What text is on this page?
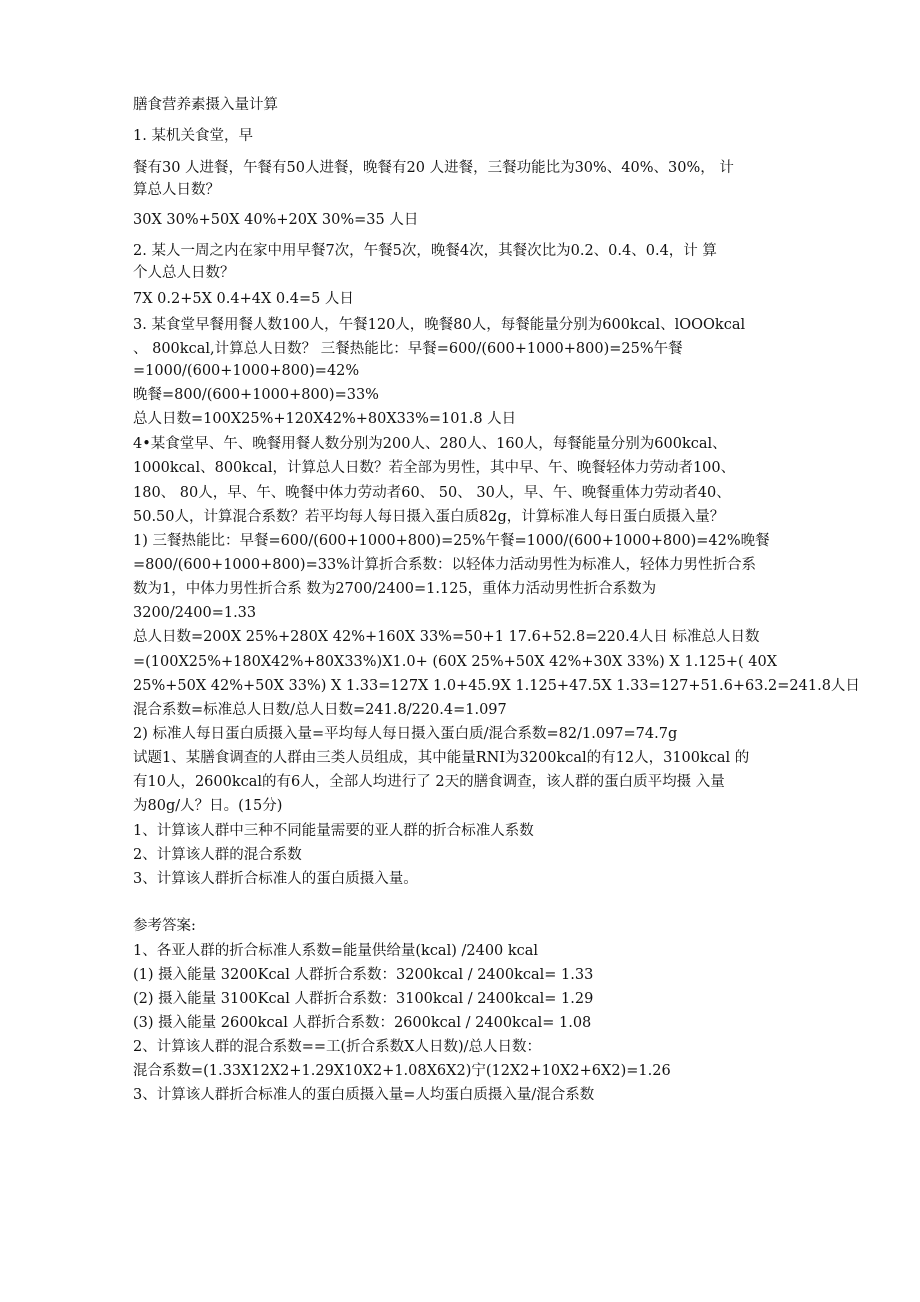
膳食营养素摄入量计算
1. 某机关食堂，早
餐有30 人进餐，午餐有50人进餐，晚餐有20 人进餐，三餐功能比为30%、40%、30%， 计
算总人日数？
30Ⅹ 30%+50Ⅹ 40%+20Ⅹ 30%=35 人日
2. 某人一周之内在家中用早餐7次，午餐5次，晚餐4次，其餐次比为0.2、0.4、0.4，计 算
个人总人日数？
7Ⅹ 0.2+5Ⅹ 0.4+4Ⅹ 0.4=5 人日
3. 某食堂早餐用餐人数100人，午餐120人，晚餐80人，每餐能量分别为600kcal、lOOOkcal
、 800kcal,计算总人日数？ 三餐热能比：早餐=600/(600+1000+800)=25%午餐
=1000/(600+1000+800)=42%
晚餐=800/(600+1000+800)=33%
总人日数=100Ⅹ25%+120Ⅹ42%+80Ⅹ33%=101.8 人日
4•某食堂早、午、晚餐用餐人数分别为200人、280人、160人，每餐能量分别为600kcal、
1000kcal、800kcal，计算总人日数？若全部为男性，其中早、午、晚餐轻体力劳动者100、
180、 80人，早、午、晚餐中体力劳动者60、 50、 30人，早、午、晚餐重体力劳动者40、
50.50人，计算混合系数？若平均每人每日摄入蛋白质82g，计算标准人每日蛋白质摄入量？
1) 三餐热能比：早餐=600/(600+1000+800)=25%午餐=1000/(600+1000+800)=42%晚餐
=800/(600+1000+800)=33%计算折合系数：以轻体力活动男性为标准人，轻体力男性折合系
数为1，中体力男性折合系 数为2700/2400=1.125，重体力活动男性折合系数为
3200/2400=1.33
总人日数=200Ⅹ 25%+280Ⅹ 42%+160Ⅹ 33%=50+1 17.6+52.8=220.4人日 标准总人日数
=(100Ⅹ25%+180Ⅹ42%+80Ⅹ33%)Ⅹ1.0+ (60Ⅹ 25%+50Ⅹ 42%+30Ⅹ 33%) Ⅹ 1.125+( 40Ⅹ
25%+50Ⅹ 42%+50Ⅹ 33%) Ⅹ 1.33=127Ⅹ 1.0+45.9Ⅹ 1.125+47.5Ⅹ 1.33=127+51.6+63.2=241.8人日
混合系数=标准总人日数/总人日数=241.8/220.4=1.097
2) 标准人每日蛋白质摄入量=平均每人每日摄入蛋白质/混合系数=82/1.097=74.7g
试题1、某膳食调查的人群由三类人员组成，其中能量RNI为3200kcal的有12人，3100kcal 的
有10人，2600kcal的有6人，全部人均进行了 2天的膳食调查，该人群的蛋白质平均摄 入量
为80g/人？日。(15分)
1、计算该人群中三种不同能量需要的亚人群的折合标准人系数
2、计算该人群的混合系数
3、计算该人群折合标准人的蛋白质摄入量。
参考答案:
1、各亚人群的折合标准人系数=能量供给量(kcal) /2400 kcal
(1) 摄入能量 3200Kcal 人群折合系数：3200kcal / 2400kcal= 1.33
(2) 摄入能量 3100Kcal 人群折合系数：3100kcal / 2400kcal= 1.29
(3) 摄入能量 2600kcal 人群折合系数：2600kcal / 2400kcal= 1.08
2、计算该人群的混合系数==工(折合系数Ⅹ人日数)/总人日数：
混合系数=(1.33Ⅹ12Ⅹ2+1.29Ⅹ10Ⅹ2+1.08Ⅹ6Ⅹ2)宁(12Ⅹ2+10Ⅹ2+6Ⅹ2)=1.26
3、计算该人群折合标准人的蛋白质摄入量=人均蛋白质摄入量/混合系数
